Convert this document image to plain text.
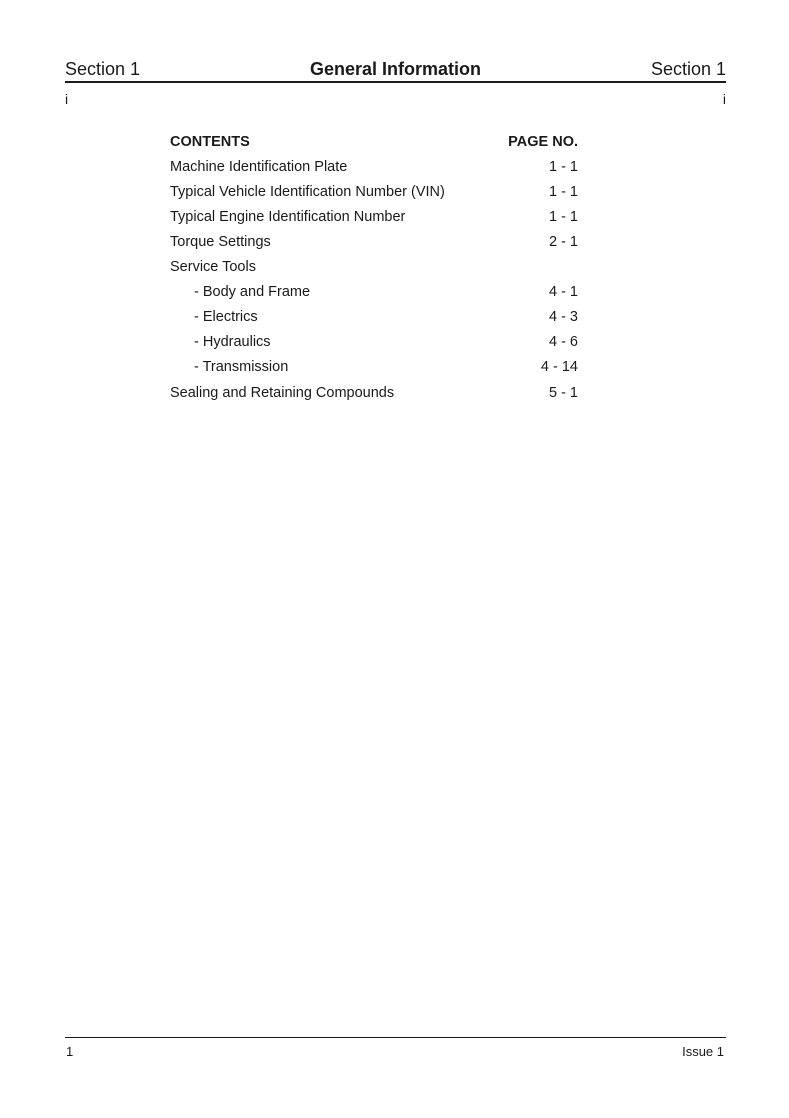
Section 1	General Information	Section 1
i	i
CONTENTS	PAGE NO.
Machine Identification Plate	1 - 1
Typical Vehicle Identification Number (VIN)	1 - 1
Typical Engine Identification Number	1 - 1
Torque Settings	2 - 1
Service Tools
- Body and Frame	4 - 1
- Electrics	4 - 3
- Hydraulics	4 - 6
- Transmission	4 - 14
Sealing and Retaining Compounds	5 - 1
1	Issue 1
